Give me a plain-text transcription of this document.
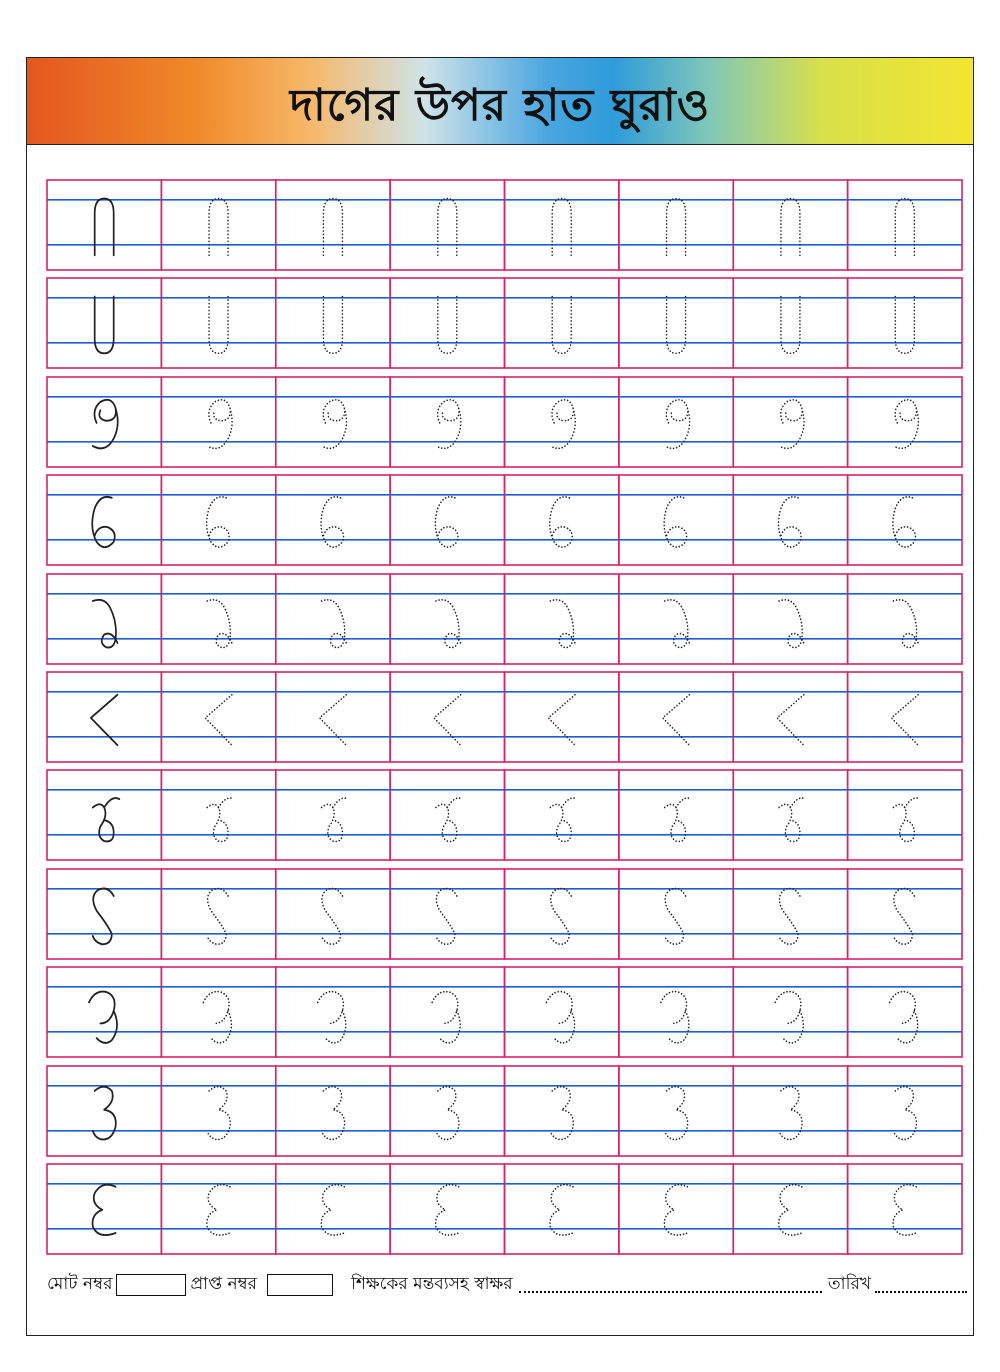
দাগের উপর হাত ঘুরাও
মোট নম্বর	প্রাপ্ত নম্বর	শিক্ষকের মন্তব্যসহ স্বাক্ষর	তারিখ
